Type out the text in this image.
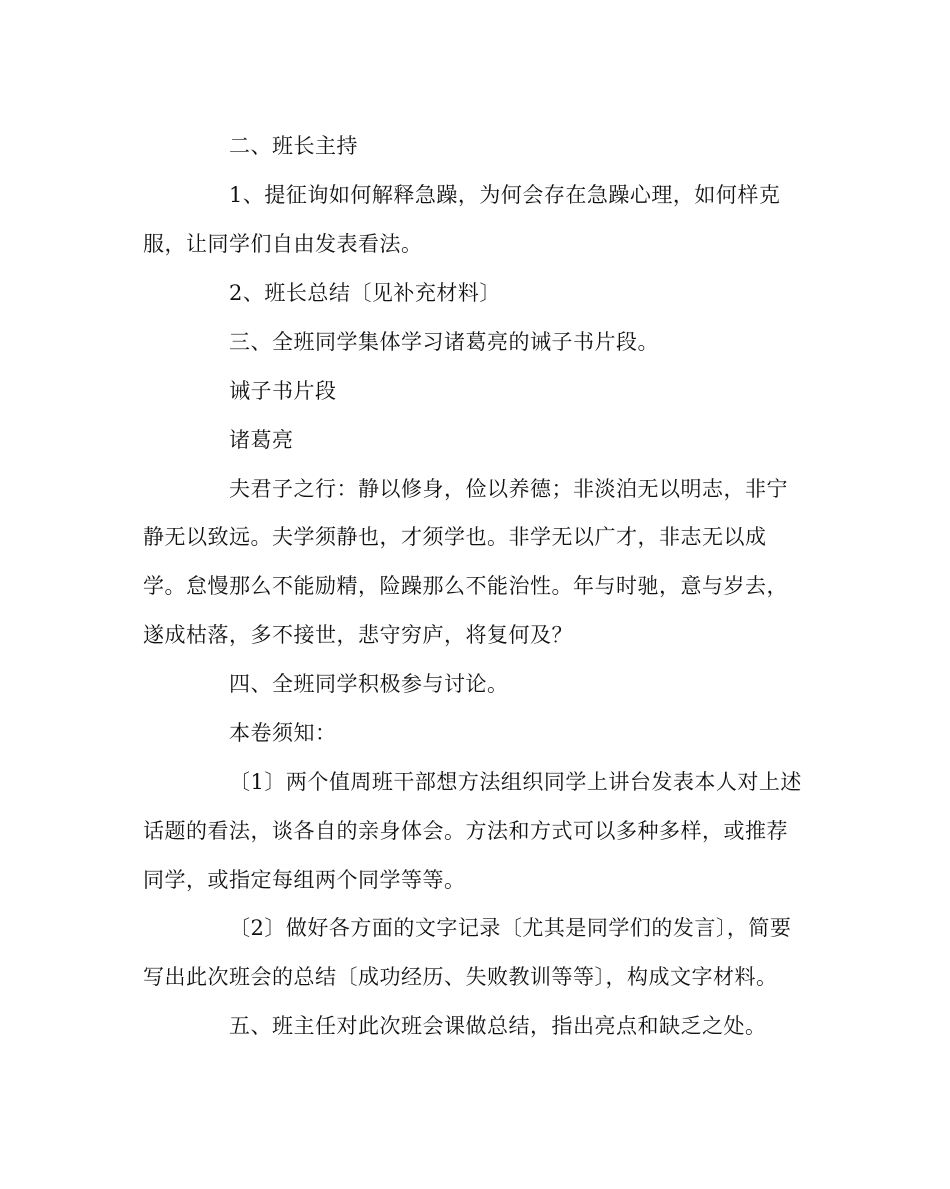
二、班长主持
1、提征询如何解释急躁，为何会存在急躁心理，如何样克
服，让同学们自由发表看法。
2、班长总结〔见补充材料〕
三、全班同学集体学习诸葛亮的诫子书片段。
诫子书片段
诸葛亮
夫君子之行：静以修身，俭以养德；非淡泊无以明志，非宁
静无以致远。夫学须静也，才须学也。非学无以广才，非志无以成
学。怠慢那么不能励精，险躁那么不能治性。年与时驰，意与岁去，
遂成枯落，多不接世，悲守穷庐，将复何及？
四、全班同学积极参与讨论。
本卷须知：
〔1〕两个值周班干部想方法组织同学上讲台发表本人对上述
话题的看法，谈各自的亲身体会。方法和方式可以多种多样，或推荐
同学，或指定每组两个同学等等。
〔2〕做好各方面的文字记录〔尤其是同学们的发言〕，简要
写出此次班会的总结〔成功经历、失败教训等等〕，构成文字材料。
五、班主任对此次班会课做总结，指出亮点和缺乏之处。
